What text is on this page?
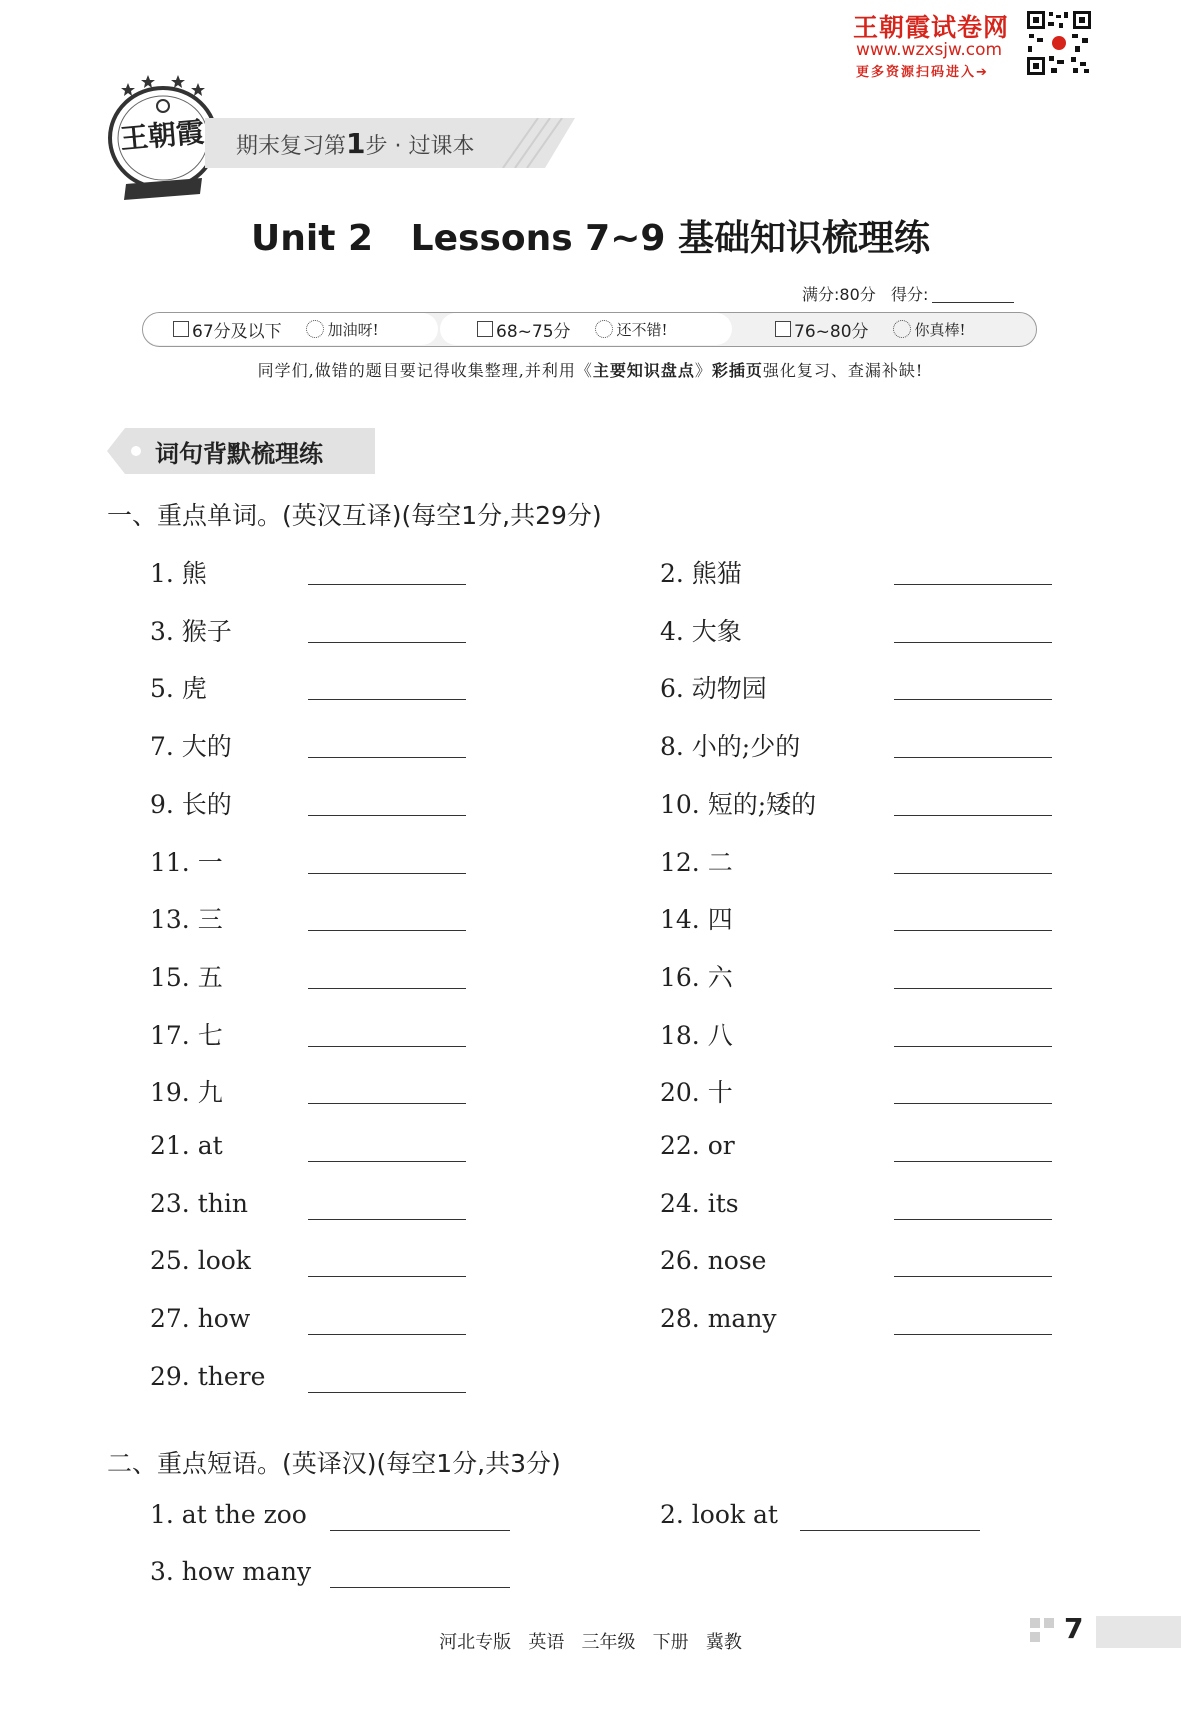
王朝霞试卷网
www.wzxsjw.com
更多资源扫码进入➔
王朝霞 期末复习第1步 · 过课本
Unit 2   Lessons 7~9 基础知识梳理练
满分:80分 得分:
67分及以下	加油呀!	68~75分	还不错!	76~80分	你真棒!
同学们,做错的题目要记得收集整理,并利用《主要知识盘点》彩插页强化复习、查漏补缺!
词句背默梳理练
一、重点单词。(英汉互译)(每空1分,共29分)
1. 熊	2. 熊猫
3. 猴子	4. 大象
5. 虎	6. 动物园
7. 大的	8. 小的;少的
9. 长的	10. 短的;矮的
11. 一	12. 二
13. 三	14. 四
15. 五	16. 六
17. 七	18. 八
19. 九	20. 十
21. at	22. or
23. thin	24. its
25. look	26. nose
27. how	28. many
29. there
二、重点短语。(英译汉)(每空1分,共3分)
1. at the zoo	2. look at
3. how many
河北专版   英语   三年级   下册   冀教	7
